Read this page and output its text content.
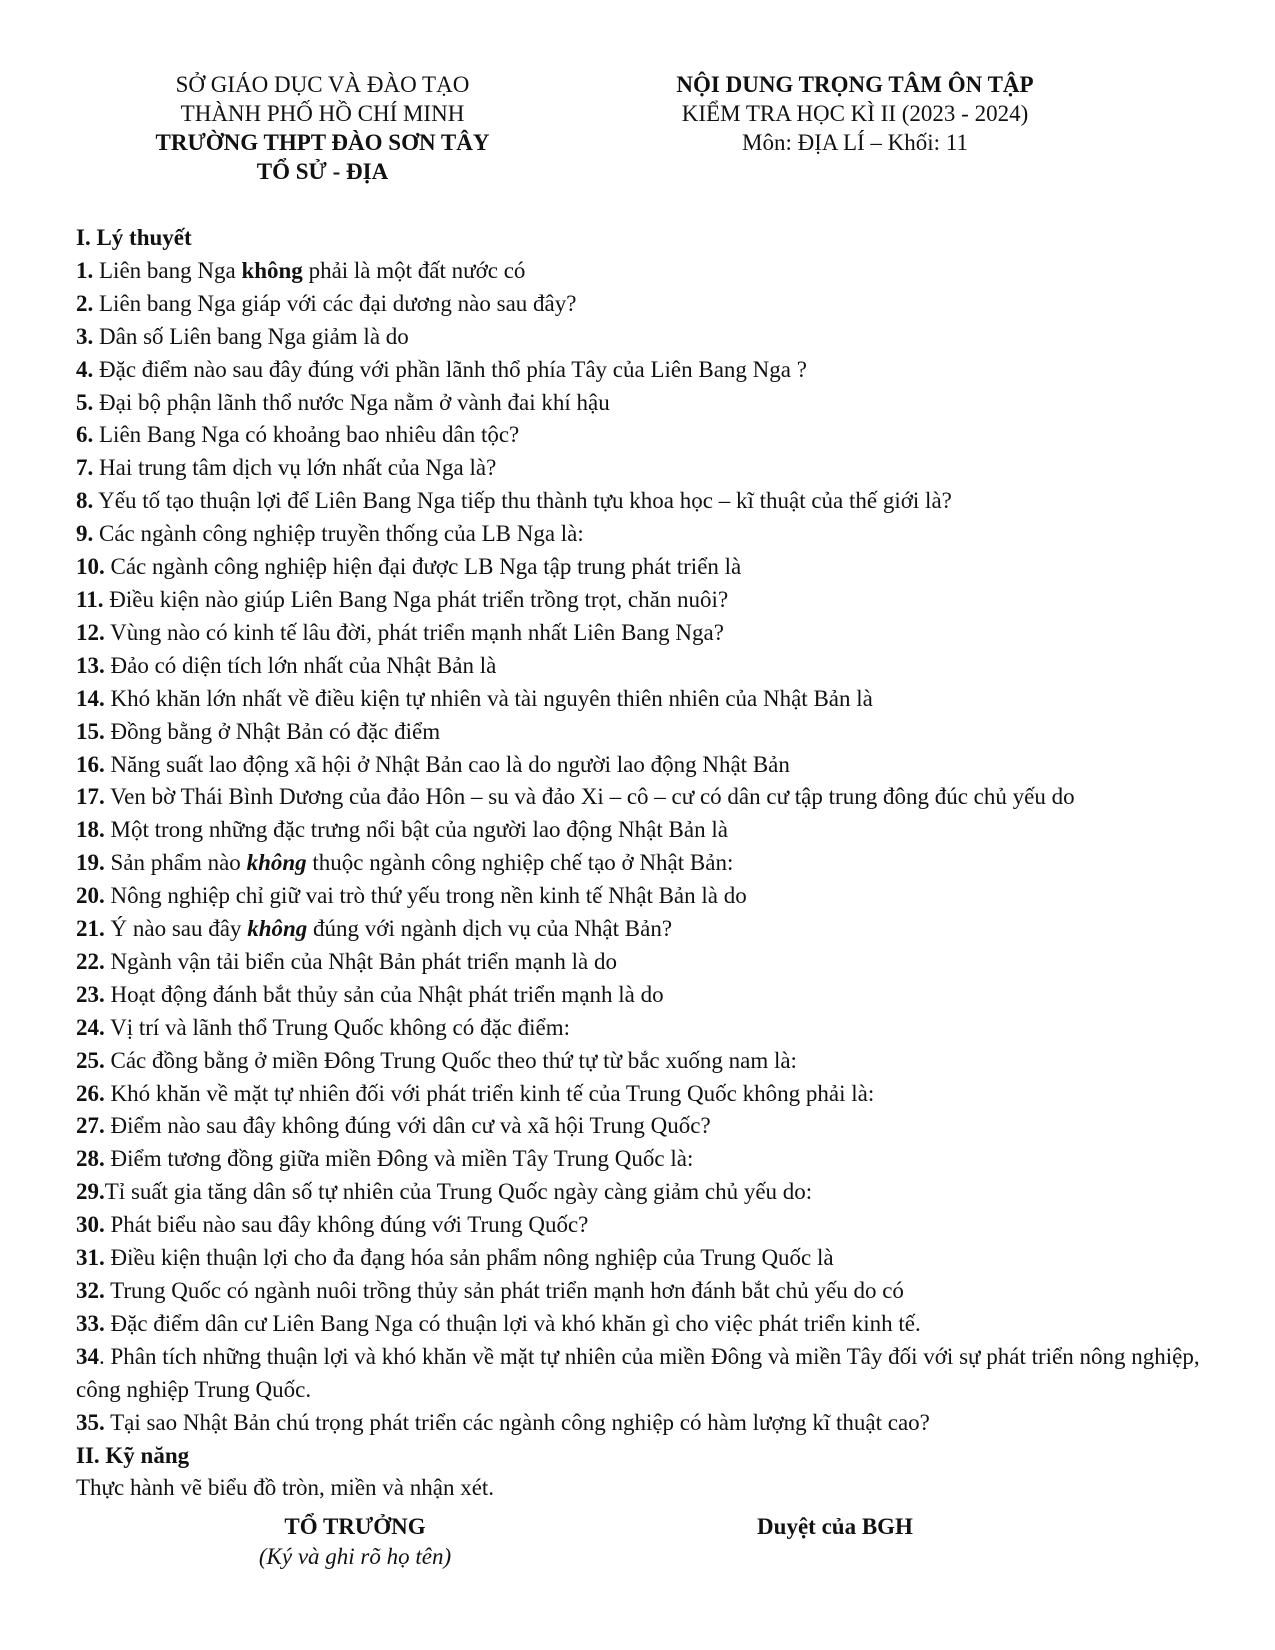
SỞ GIÁO DỤC VÀ ĐÀO TẠO
THÀNH PHỐ HỒ CHÍ MINH
TRƯỜNG THPT ĐÀO SƠN TÂY
TỔ SỬ - ĐỊA
NỘI DUNG TRỌNG TÂM ÔN TẬP
KIỂM TRA HỌC KÌ II (2023 - 2024)
Môn: ĐỊA LÍ – Khối: 11
I. Lý thuyết
1. Liên bang Nga không phải là một đất nước có
2. Liên bang Nga giáp với các đại dương nào sau đây?
3. Dân số Liên bang Nga giảm là do
4. Đặc điểm nào sau đây đúng với phần lãnh thổ phía Tây của Liên Bang Nga ?
5. Đại bộ phận lãnh thổ nước Nga nằm ở vành đai khí hậu
6. Liên Bang Nga có khoảng bao nhiêu dân tộc?
7. Hai trung tâm dịch vụ lớn nhất của Nga là?
8. Yếu tố tạo thuận lợi để Liên Bang Nga tiếp thu thành tựu khoa học – kĩ thuật của thế giới là?
9. Các ngành công nghiệp truyền thống của LB Nga là:
10. Các ngành công nghiệp hiện đại được LB Nga tập trung phát triển là
11. Điều kiện nào giúp Liên Bang Nga phát triển trồng trọt, chăn nuôi?
12. Vùng nào có kinh tế lâu đời, phát triển mạnh nhất Liên Bang Nga?
13. Đảo có diện tích lớn nhất của Nhật Bản là
14. Khó khăn lớn nhất về điều kiện tự nhiên và tài nguyên thiên nhiên của Nhật Bản là
15. Đồng bằng ở Nhật Bản có đặc điểm
16. Năng suất lao động xã hội ở Nhật Bản cao là do người lao động Nhật Bản
17. Ven bờ Thái Bình Dương của đảo Hôn – su và đảo Xi – cô – cư có dân cư tập trung đông đúc chủ yếu do
18. Một trong những đặc trưng nổi bật của người lao động Nhật Bản là
19. Sản phẩm nào không thuộc ngành công nghiệp chế tạo ở Nhật Bản:
20. Nông nghiệp chỉ giữ vai trò thứ yếu trong nền kinh tế Nhật Bản là do
21. Ý nào sau đây không đúng với ngành dịch vụ của Nhật Bản?
22. Ngành vận tải biển của Nhật Bản phát triển mạnh là do
23. Hoạt động đánh bắt thủy sản của Nhật phát triển mạnh là do
24. Vị trí và lãnh thổ Trung Quốc không có đặc điểm:
25. Các đồng bằng ở miền Đông Trung Quốc theo thứ tự từ bắc xuống nam là:
26. Khó khăn về mặt tự nhiên đối với phát triển kinh tế của Trung Quốc không phải là:
27. Điểm nào sau đây không đúng với dân cư và xã hội Trung Quốc?
28. Điểm tương đồng giữa miền Đông và miền Tây Trung Quốc là:
29.Tỉ suất gia tăng dân số tự nhiên của Trung Quốc ngày càng giảm chủ yếu do:
30. Phát biểu nào sau đây không đúng với Trung Quốc?
31. Điều kiện thuận lợi cho đa đạng hóa sản phẩm nông nghiệp của Trung Quốc là
32. Trung Quốc có ngành nuôi trồng thủy sản phát triển mạnh hơn đánh bắt chủ yếu do có
33. Đặc điểm dân cư Liên Bang Nga có thuận lợi và khó khăn gì cho việc phát triển kinh tế.
34. Phân tích những thuận lợi và khó khăn về mặt tự nhiên của miền Đông và miền Tây đối với sự phát triển nông nghiệp, công nghiệp Trung Quốc.
35. Tại sao Nhật Bản chú trọng phát triển các ngành công nghiệp có hàm lượng kĩ thuật cao?
II. Kỹ năng
Thực hành vẽ biểu đồ tròn, miền và nhận xét.
TỔ TRƯỞNG
(Ký và ghi rõ họ tên)
Duyệt của BGH
